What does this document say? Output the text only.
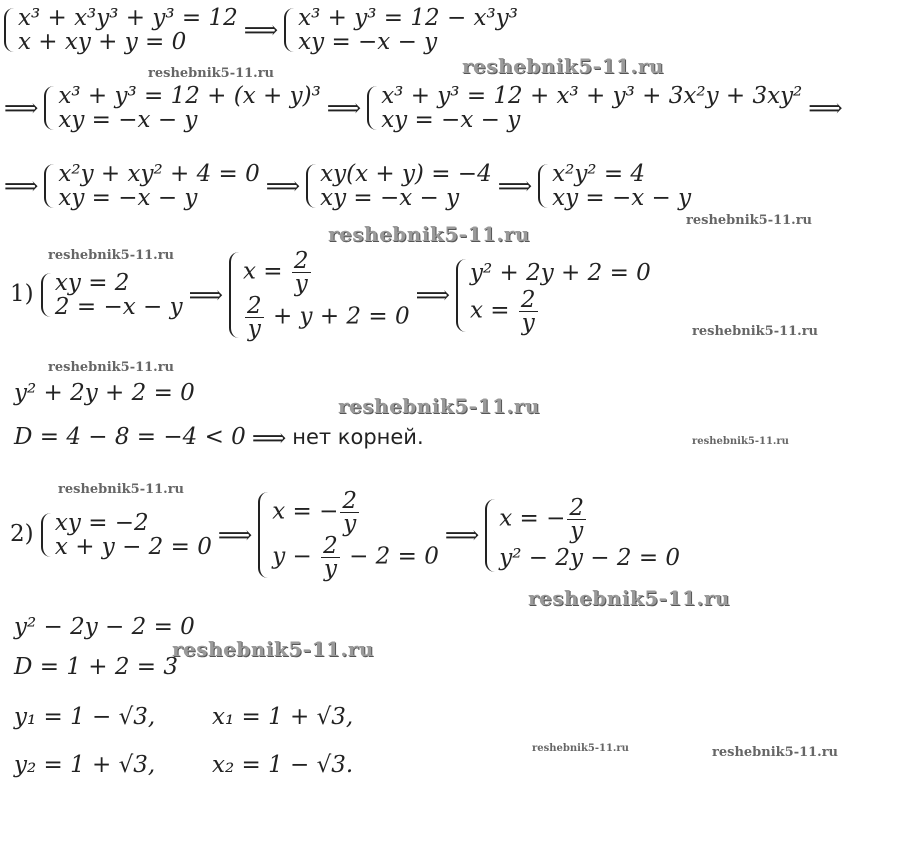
x³ + x³y³ + y³ = 12
x + xy + y = 0	⟹ x³ + y³ = 12 − x³y³
xy = −x − y
⟹ x³ + y³ = 12 + (x + y)³
xy = −x − y	⟹ x³ + y³ = 12 + x³ + y³ + 3x²y + 3xy²
xy = −x − y	⟹
⟹ x²y + xy² + 4 = 0
xy = −x − y	⟹ xy(x + y) = −4
xy = −x − y	⟹ x²y² = 4
xy = −x − y
1) xy = 2
2 = −x − y ⟹
$x = \frac{2}{y}$
$\frac{2}{y} + y + 2 = 0$
⟹
y² + 2y + 2 = 0
$x = \frac{2}{y}$
y² + 2y + 2 = 0
D = 4 − 8 = −4 < 0 ⟹ нет корней.
2) xy = −2
x + y − 2 = 0 ⟹
x = − $\frac{2}{y}$
$y - \frac{2}{y} - 2 = 0$
⟹
x = − $\frac{2}{y}$
y² − 2y − 2 = 0
y² − 2y − 2 = 0
D = 1 + 2 = 3
y₁ = 1 − √3, x₁ = 1 + √3,
y₂ = 1 + √3, x₂ = 1 − √3.
reshebnik5-11.ru
reshebnik5-11.ru
reshebnik5-11.ru
reshebnik5-11.ru
reshebnik5-11.ru
reshebnik5-11.ru
reshebnik5-11.ru
reshebnik5-11.ru
reshebnik5-11.ru
reshebnik5-11.ru
reshebnik5-11.ru
reshebnik5-11.ru
reshebnik5-11.ru	reshebnik5-11.ru
